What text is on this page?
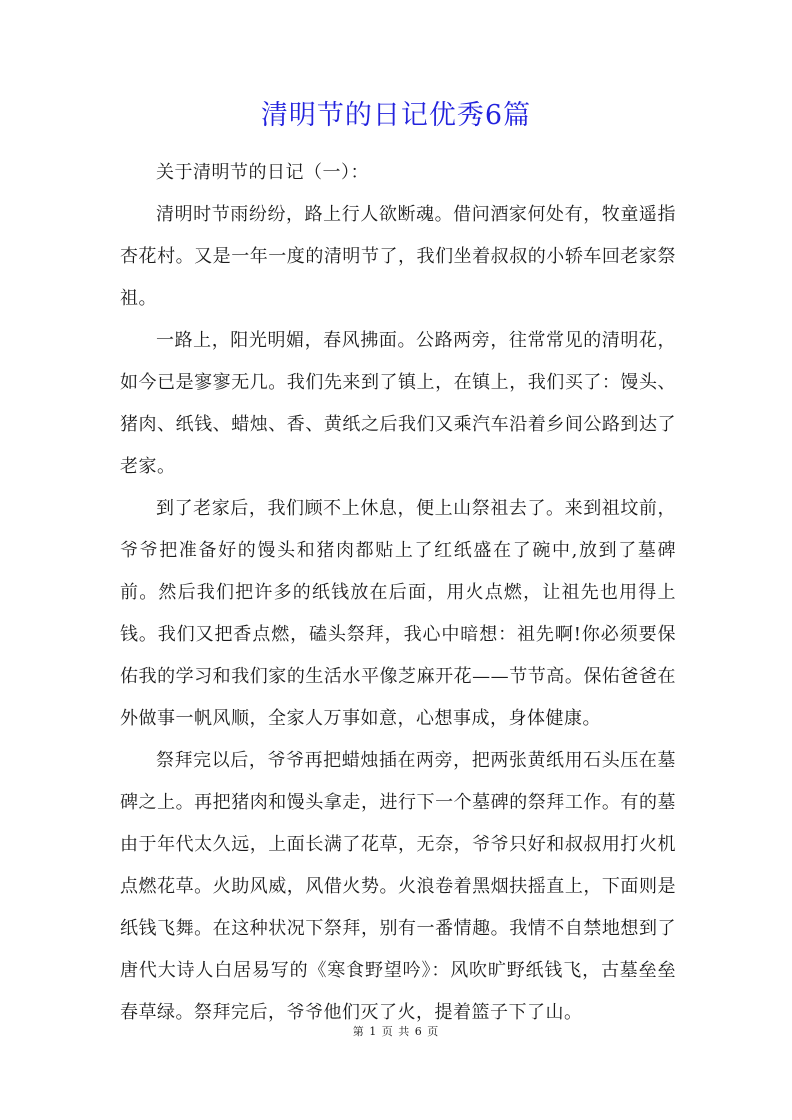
清明节的日记优秀6篇

关于清明节的日记（一）：

清明时节雨纷纷，路上行人欲断魂。借问酒家何处有，牧童遥指杏花村。又是一年一度的清明节了，我们坐着叔叔的小轿车回老家祭祖。

一路上，阳光明媚，春风拂面。公路两旁，往常常见的清明花，如今已是寥寥无几。我们先来到了镇上，在镇上，我们买了：馒头、猪肉、纸钱、蜡烛、香、黄纸之后我们又乘汽车沿着乡间公路到达了老家。

到了老家后，我们顾不上休息，便上山祭祖去了。来到祖坟前，爷爷把准备好的馒头和猪肉都贴上了红纸盛在了碗中,放到了墓碑前。然后我们把许多的纸钱放在后面，用火点燃，让祖先也用得上钱。我们又把香点燃，磕头祭拜，我心中暗想：祖先啊!你必须要保佑我的学习和我们家的生活水平像芝麻开花——节节高。保佑爸爸在外做事一帆风顺，全家人万事如意，心想事成，身体健康。

祭拜完以后，爷爷再把蜡烛插在两旁，把两张黄纸用石头压在墓碑之上。再把猪肉和馒头拿走，进行下一个墓碑的祭拜工作。有的墓由于年代太久远，上面长满了花草，无奈，爷爷只好和叔叔用打火机点燃花草。火助风威，风借火势。火浪卷着黑烟扶摇直上，下面则是纸钱飞舞。在这种状况下祭拜，别有一番情趣。我情不自禁地想到了唐代大诗人白居易写的《寒食野望吟》：风吹旷野纸钱飞，古墓垒垒春草绿。祭拜完后，爷爷他们灭了火，提着篮子下了山。

第 1 页 共 6 页
